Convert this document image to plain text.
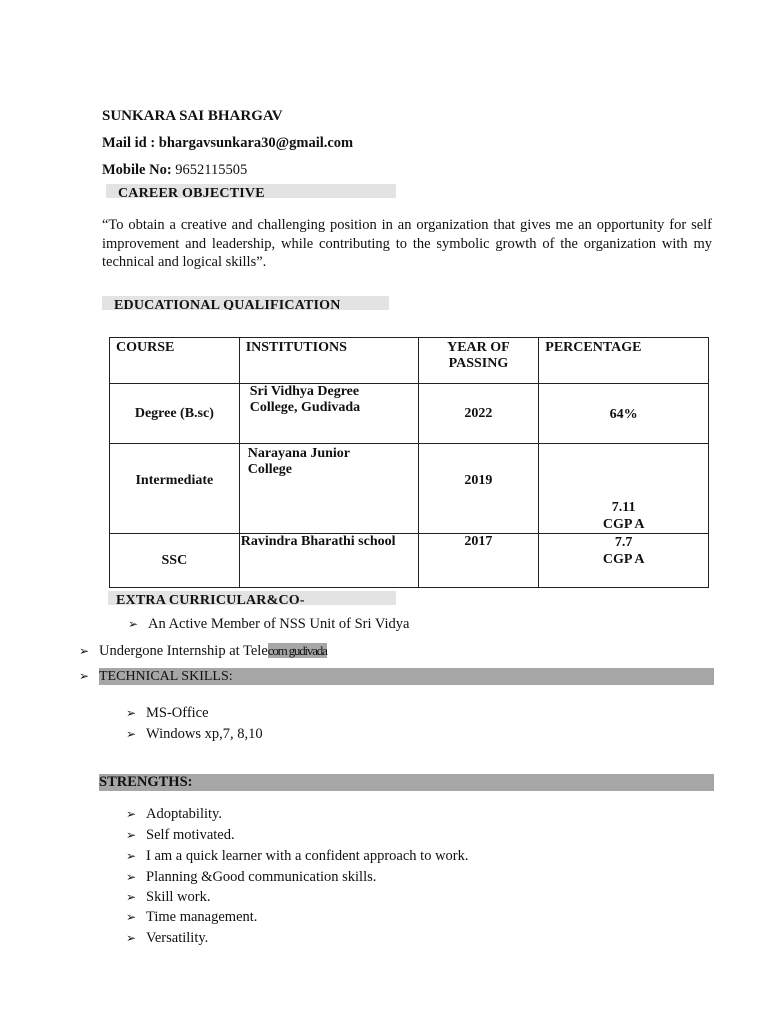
SUNKARA SAI BHARGAV
Mail id : bhargavsunkara30@gmail.com
Mobile No: 9652115505
CAREER OBJECTIVE
“To obtain a creative and challenging position in an organization that gives me an opportunity for self improvement and leadership, while contributing to the symbolic growth of the organization with my technical and logical skills”.
EDUCATIONAL QUALIFICATION
COURSE	INSTITUTIONS	YEAR OF PASSING	PERCENTAGE
Degree (B.sc)	Sri Vidhya Degree College, Gudivada	2022	64%
Intermediate	Narayana Junior College	2019	7.11 CGP A

SSC	Ravindra Bharathi school	2017	7.7 CGP A
EXTRA CURRICULAR&CO-
➢ An Active Member of NSS Unit of Sri Vidya
➢ Undergone Internship at Telecom gudivada
➢ TECHNICAL SKILLS:
➢ MS-Office
➢ Windows xp,7, 8,10
STRENGTHS:
➢ Adoptability.
➢ Self motivated.
➢ I am a quick learner with a confident approach to work.
➢ Planning &Good communication skills.
➢ Skill work.
➢ Time management.
➢ Versatility.
